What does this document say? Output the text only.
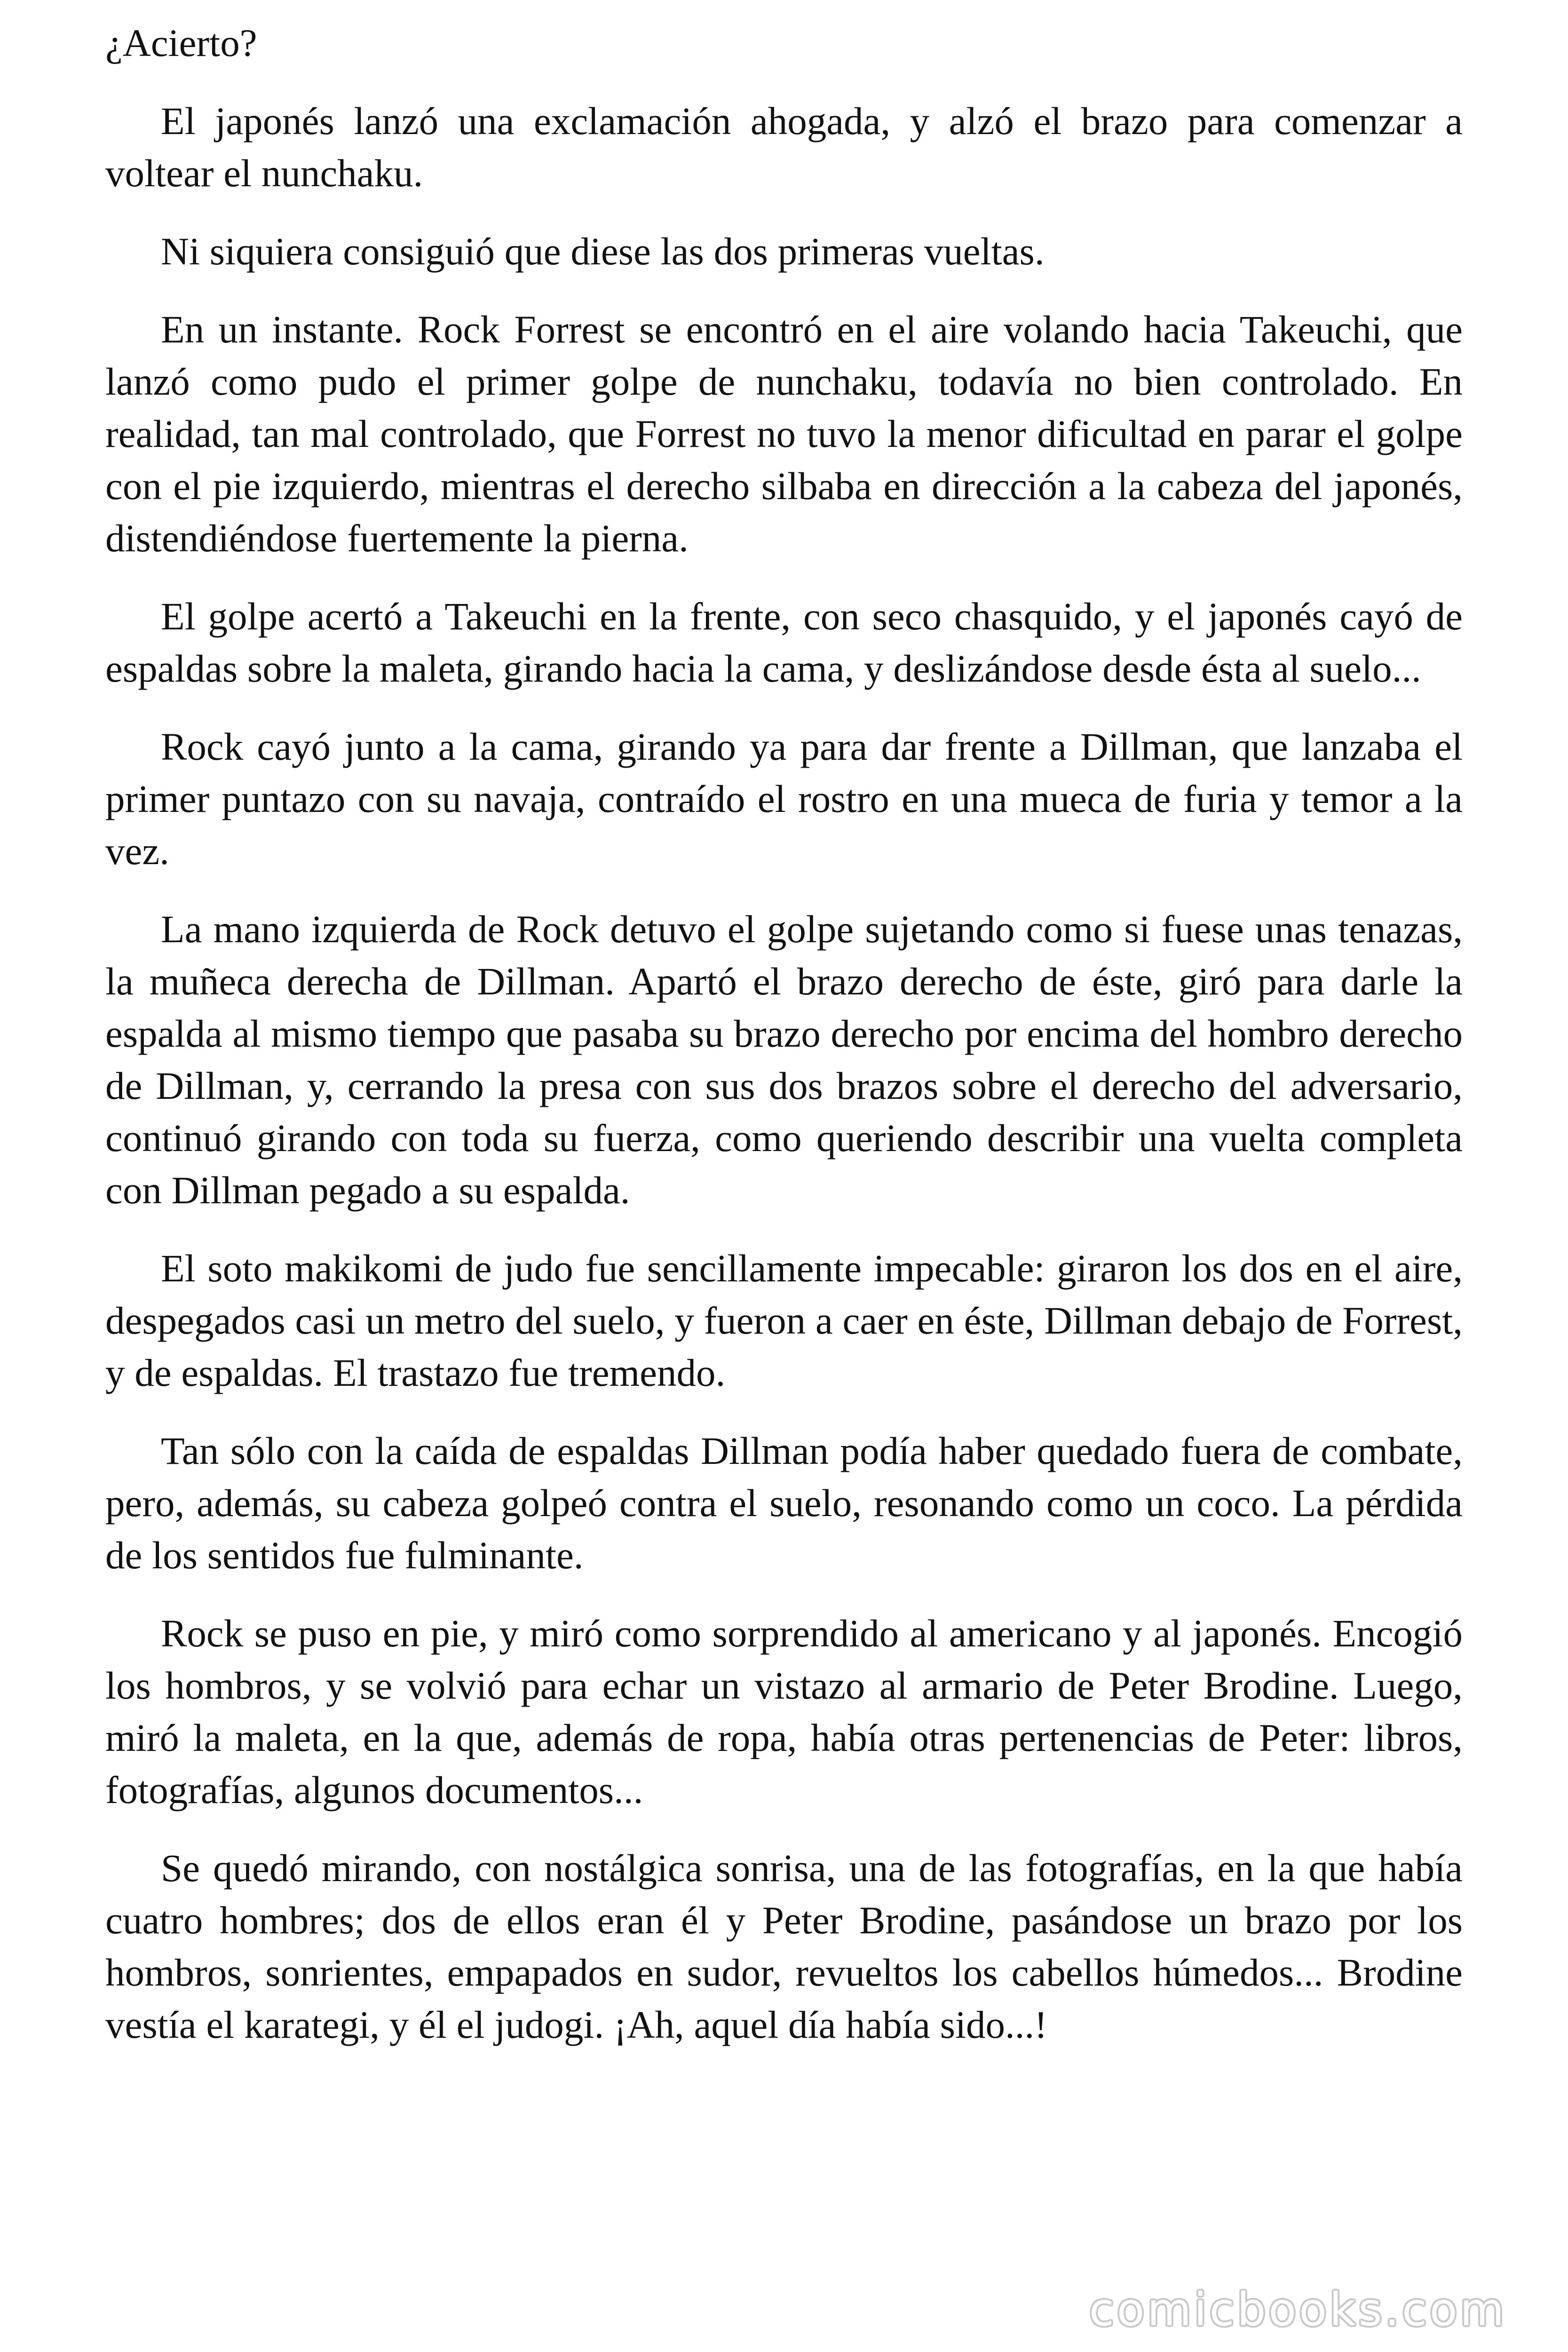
¿Acierto?

El japonés lanzó una exclamación ahogada, y alzó el brazo para comenzar a voltear el nunchaku.

Ni siquiera consiguió que diese las dos primeras vueltas.

En un instante. Rock Forrest se encontró en el aire volando hacia Takeuchi, que lanzó como pudo el primer golpe de nunchaku, todavía no bien controlado. En realidad, tan mal controlado, que Forrest no tuvo la menor dificultad en parar el golpe con el pie izquierdo, mientras el derecho silbaba en dirección a la cabeza del japonés, distendiéndose fuertemente la pierna.

El golpe acertó a Takeuchi en la frente, con seco chasquido, y el japonés cayó de espaldas sobre la maleta, girando hacia la cama, y deslizándose desde ésta al suelo...

Rock cayó junto a la cama, girando ya para dar frente a Dillman, que lanzaba el primer puntazo con su navaja, contraído el rostro en una mueca de furia y temor a la vez.

La mano izquierda de Rock detuvo el golpe sujetando como si fuese unas tenazas, la muñeca derecha de Dillman. Apartó el brazo derecho de éste, giró para darle la espalda al mismo tiempo que pasaba su brazo derecho por encima del hombro derecho de Dillman, y, cerrando la presa con sus dos brazos sobre el derecho del adversario, continuó girando con toda su fuerza, como queriendo describir una vuelta completa con Dillman pegado a su espalda.

El soto makikomi de judo fue sencillamente impecable: giraron los dos en el aire, despegados casi un metro del suelo, y fueron a caer en éste, Dillman debajo de Forrest, y de espaldas. El trastazo fue tremendo.

Tan sólo con la caída de espaldas Dillman podía haber quedado fuera de combate, pero, además, su cabeza golpeó contra el suelo, resonando como un coco. La pérdida de los sentidos fue fulminante.

Rock se puso en pie, y miró como sorprendido al americano y al japonés. Encogió los hombros, y se volvió para echar un vistazo al armario de Peter Brodine. Luego, miró la maleta, en la que, además de ropa, había otras pertenencias de Peter: libros, fotografías, algunos documentos...

Se quedó mirando, con nostálgica sonrisa, una de las fotografías, en la que había cuatro hombres; dos de ellos eran él y Peter Brodine, pasándose un brazo por los hombros, sonrientes, empapados en sudor, revueltos los cabellos húmedos... Brodine vestía el karategi, y él el judogi. ¡Ah, aquel día había sido...!

comicbooks.com
